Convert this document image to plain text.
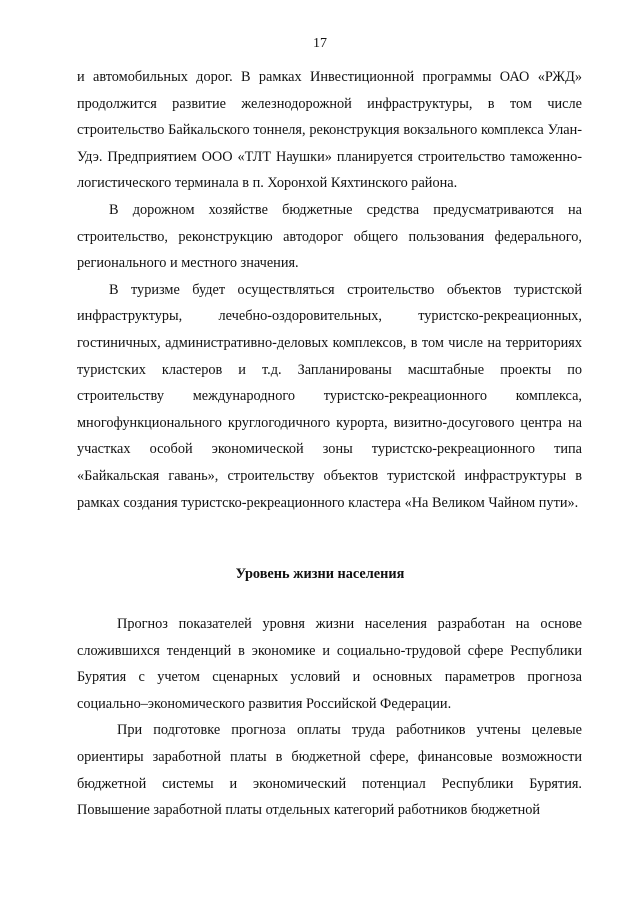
17

и автомобильных дорог. В рамках Инвестиционной программы ОАО «РЖД» продолжится развитие железнодорожной инфраструктуры, в том числе строительство Байкальского тоннеля, реконструкция вокзального комплекса Улан-Удэ. Предприятием ООО «ТЛТ Наушки» планируется строительство таможенно-логистического терминала в п. Хоронхой Кяхтинского района.

В дорожном хозяйстве бюджетные средства предусматриваются на строительство, реконструкцию автодорог общего пользования федерального, регионального и местного значения.

В туризме будет осуществляться строительство объектов туристской инфраструктуры, лечебно-оздоровительных, туристско-рекреационных, гостиничных, административно-деловых комплексов, в том числе на территориях туристских кластеров и т.д. Запланированы масштабные проекты по строительству международного туристско-рекреационного комплекса, многофункционального круглогодичного курорта, визитно-досугового центра на участках особой экономической зоны туристско-рекреационного типа «Байкальская гавань», строительству объектов туристской инфраструктуры в рамках создания туристско-рекреационного кластера «На Великом Чайном пути».

Уровень жизни населения

Прогноз показателей уровня жизни населения разработан на основе сложившихся тенденций в экономике и социально-трудовой сфере Республики Бурятия с учетом сценарных условий и основных параметров прогноза социально–экономического развития Российской Федерации.

При подготовке прогноза оплаты труда работников учтены целевые ориентиры заработной платы в бюджетной сфере, финансовые возможности бюджетной системы и экономический потенциал Республики Бурятия. Повышение заработной платы отдельных категорий работников бюджетной
